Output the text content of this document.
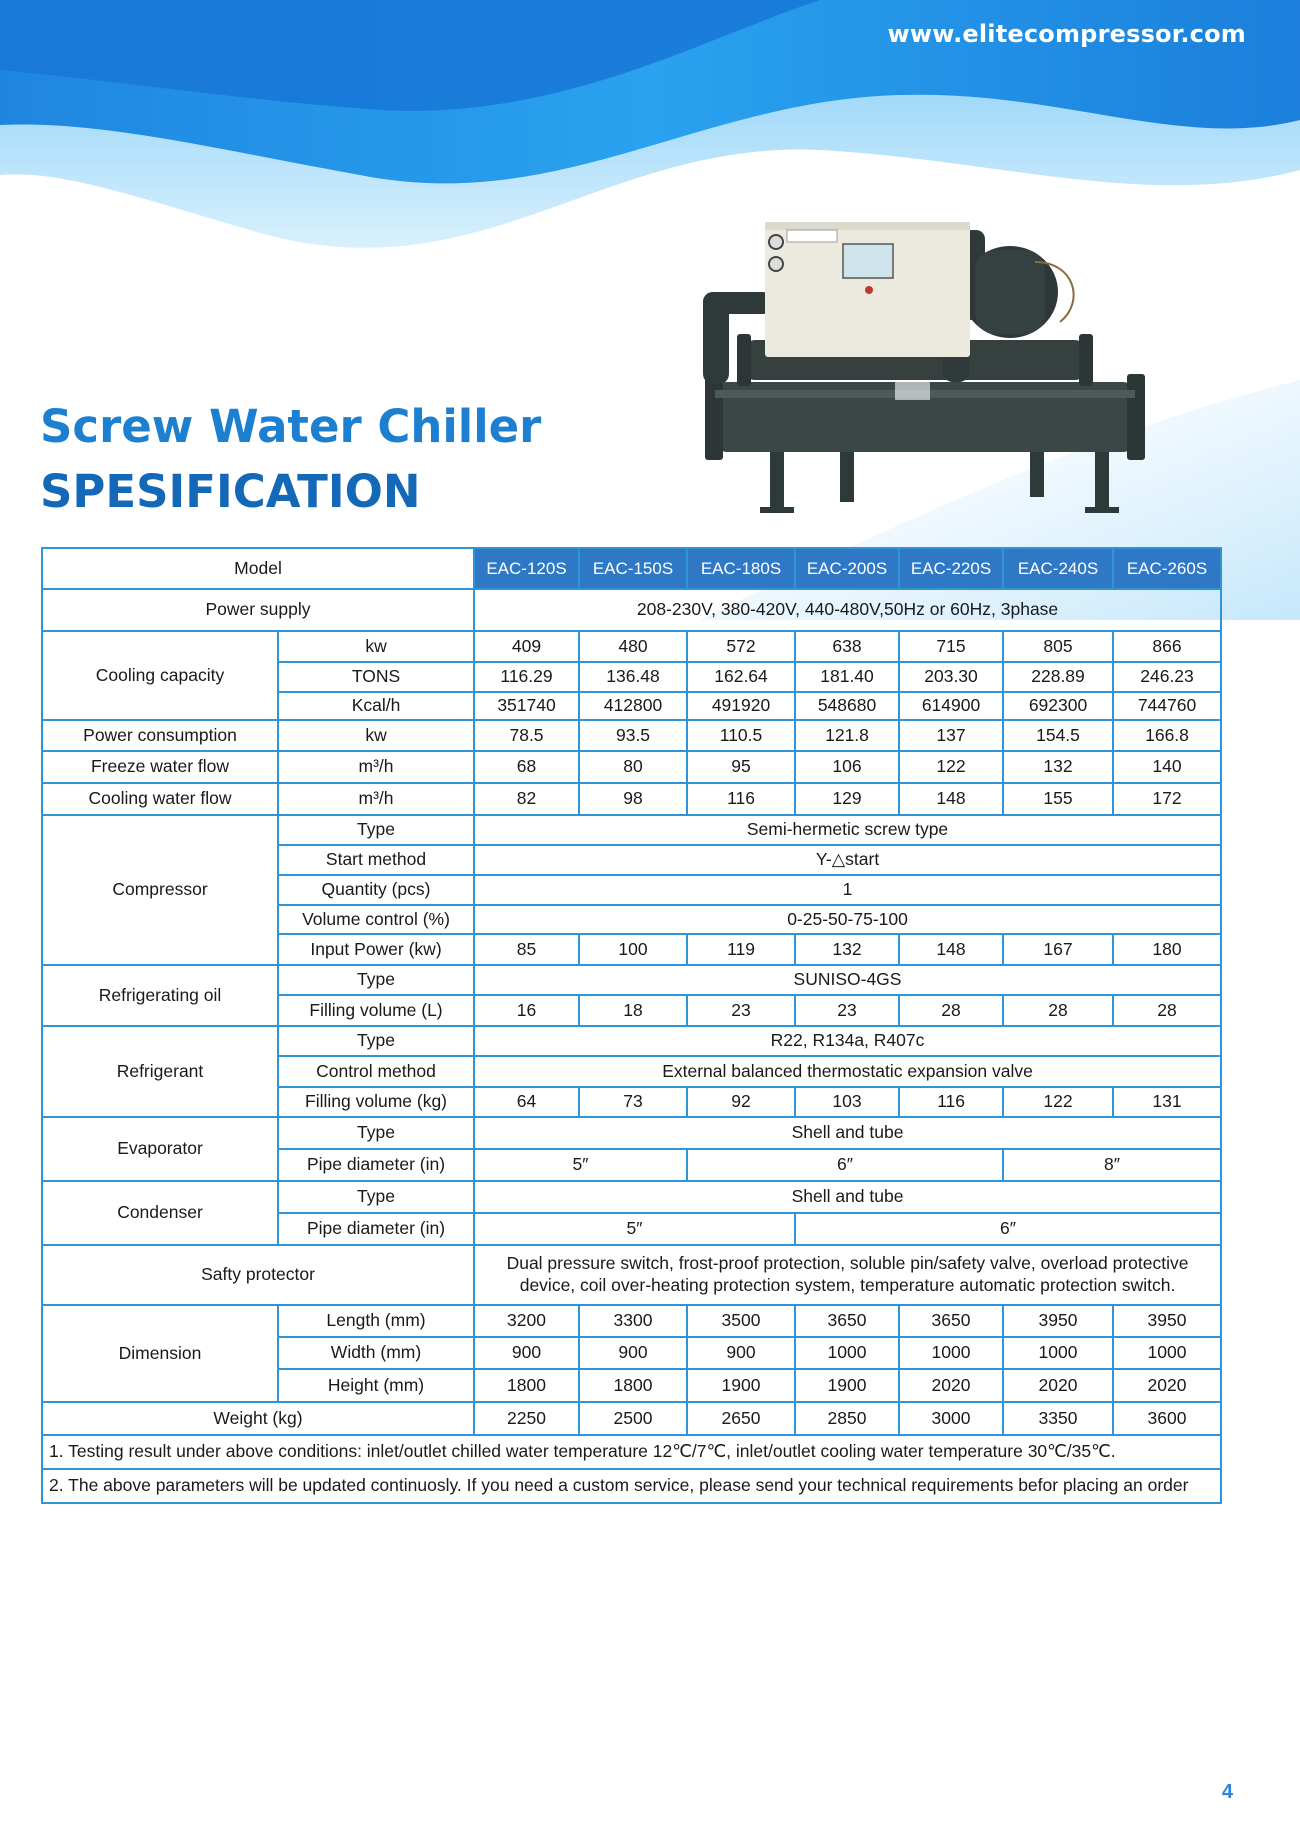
www.elitecompressor.com
Screw Water Chiller
SPESIFICATION
Model		EAC-120S	EAC-150S	EAC-180S	EAC-200S	EAC-220S	EAC-240S	EAC-260S
Power supply		208-230V, 380-420V, 440-480V,50Hz or 60Hz, 3phase						
Cooling capacity	kw	409	480	572	638	715	805	866
	TONS	116.29	136.48	162.64	181.40	203.30	228.89	246.23
	Kcal/h	351740	412800	491920	548680	614900	692300	744760
Power consumption	kw	78.5	93.5	110.5	121.8	137	154.5	166.8
Freeze water flow	m³/h	68	80	95	106	122	132	140
Cooling water flow	m³/h	82	98	116	129	148	155	172
Compressor	Type	Semi-hermetic screw type						
	Start method	Y-△start						
	Quantity (pcs)	1						
	Volume control (%)	0-25-50-75-100						
	Input Power (kw)	85	100	119	132	148	167	180
Refrigerating oil	Type	SUNISO-4GS						
	Filling volume (L)	16	18	23	23	28	28	28
Refrigerant	Type	R22, R134a, R407c						
	Control method	External balanced thermostatic expansion valve						
	Filling volume (kg)	64	73	92	103	116	122	131
Evaporator	Type	Shell and tube						
	Pipe diameter (in)	5″		6″			8″	
Condenser	Type	Shell and tube						
	Pipe diameter (in)	5″			6″			
Safty protector		Dual pressure switch, frost-proof protection, soluble pin/safety valve, overload protective
device, coil over-heating protection system, temperature automatic protection switch.						

Dimension	Length (mm)	3200	3300	3500	3650	3650	3950	3950
	Width (mm)	900	900	900	1000	1000	1000	1000
	Height (mm)	1800	1800	1900	1900	2020	2020	2020
Weight (kg)		2250	2500	2650	2850	3000	3350	3600
1. Testing result under above conditions: inlet/outlet chilled water temperature 12℃/7℃, inlet/outlet cooling water temperature 30℃/35℃.								
2. The above parameters will be updated continuosly. If you need a custom service, please send your technical requirements befor placing an order								
4
